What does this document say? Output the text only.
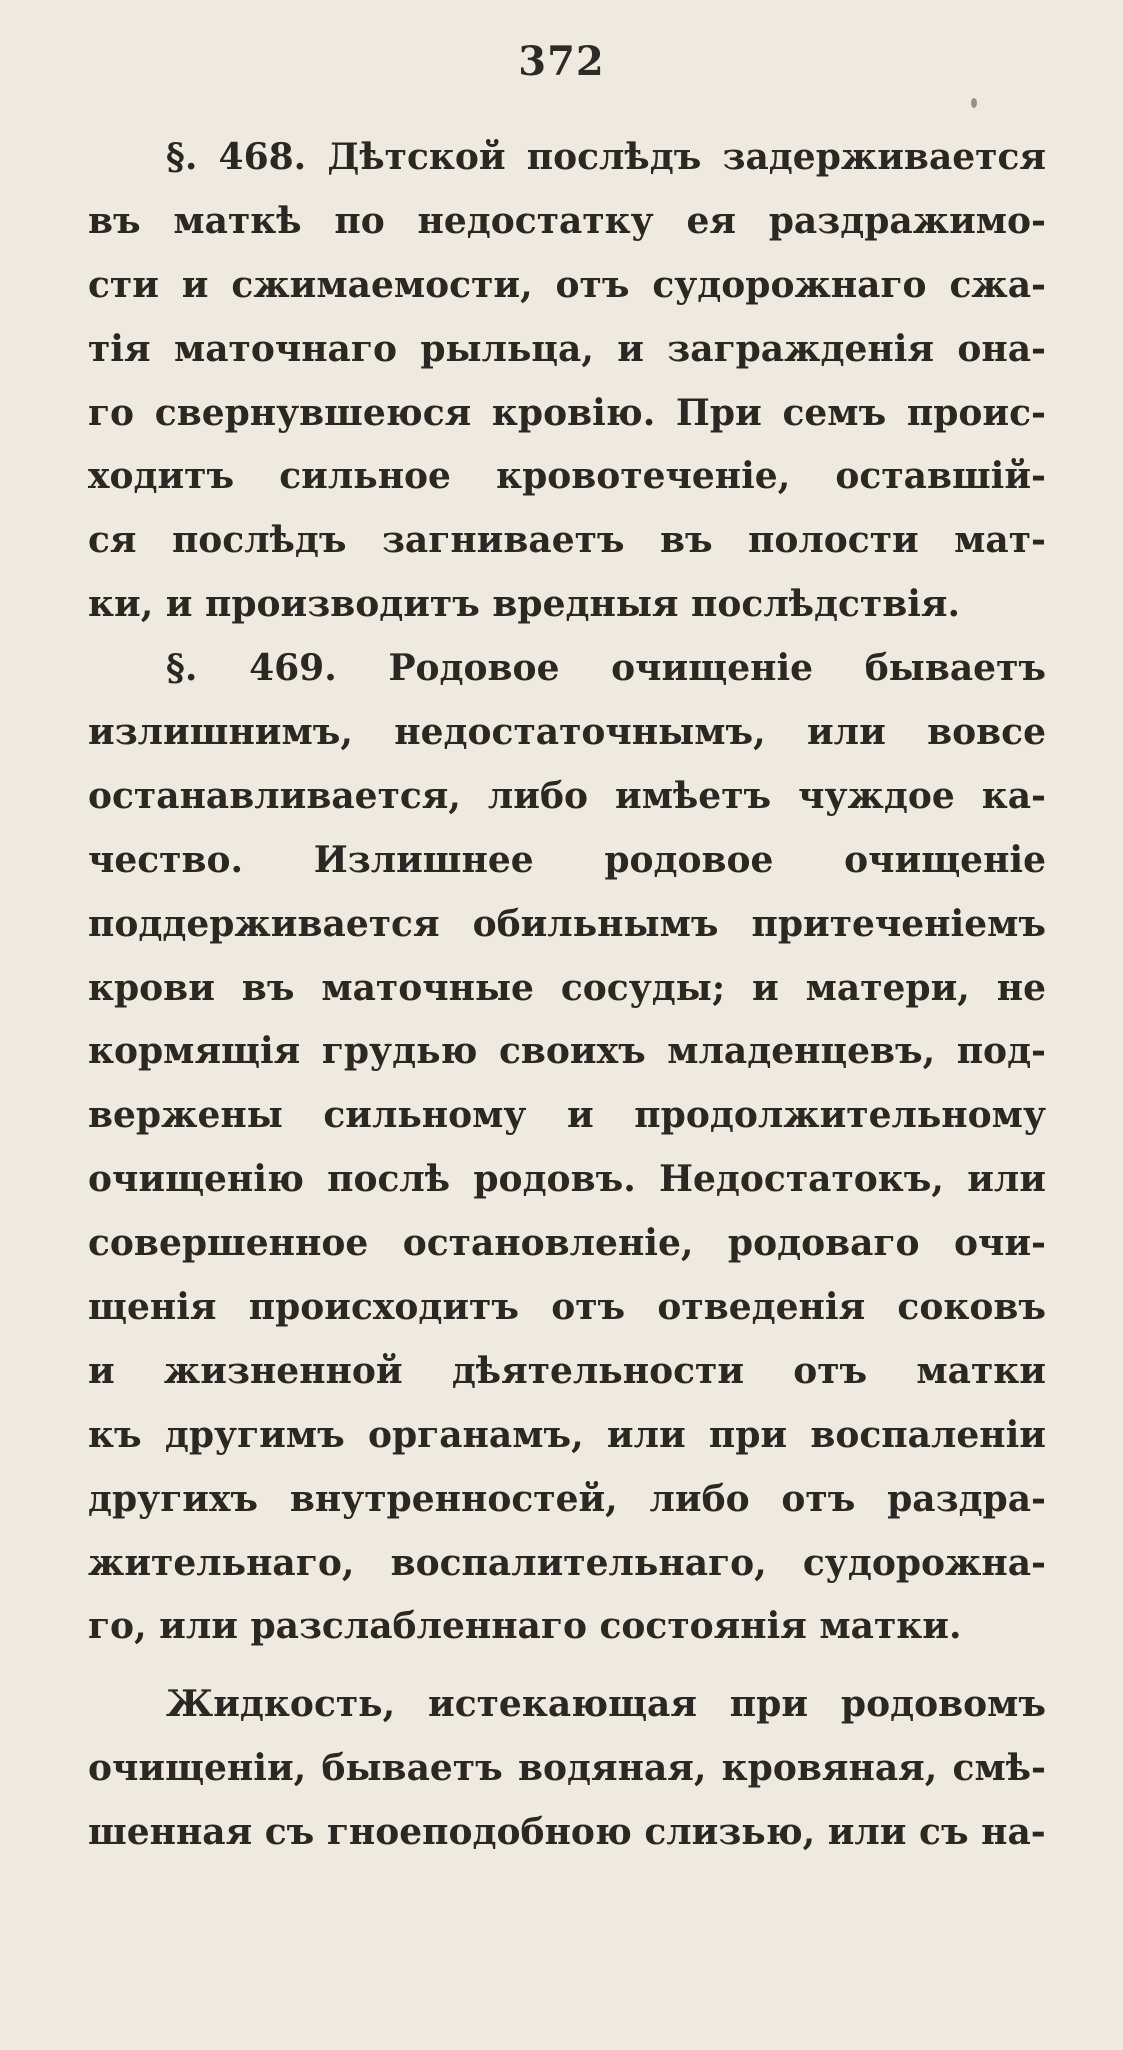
372
§. 468. Дѣтской послѣдъ задерживается
въ маткѣ по недостатку ея раздражимо-
сти и сжимаемости, отъ судорожнаго сжа-
тія маточнаго рыльца, и загражденія она-
го свернувшеюся кровію. При семъ проис-
ходитъ сильное кровотеченіе, оставшій-
ся послѣдъ загниваетъ въ полости мат-
ки, и производитъ вредныя послѣдствія.
§. 469. Родовое очищеніе бываетъ
излишнимъ, недостаточнымъ, или вовсе
останавливается, либо имѣетъ чуждое ка-
чество. Излишнее родовое очищеніе
поддерживается обильнымъ притеченіемъ
крови въ маточные сосуды; и матери, не
кормящія грудью своихъ младенцевъ, под-
вержены сильному и продолжительному
очищенію послѣ родовъ. Недостатокъ, или
совершенное остановленіе, родоваго очи-
щенія происходитъ отъ отведенія соковъ
и жизненной дѣятельности отъ матки
къ другимъ органамъ, или при воспаленіи
другихъ внутренностей, либо отъ раздра-
жительнаго, воспалительнаго, судорожна-
го, или разслабленнаго состоянія матки.
Жидкость, истекающая при родовомъ
очищеніи, бываетъ водяная, кровяная, смѣ-
шенная съ гноеподобною слизью, или съ на-
